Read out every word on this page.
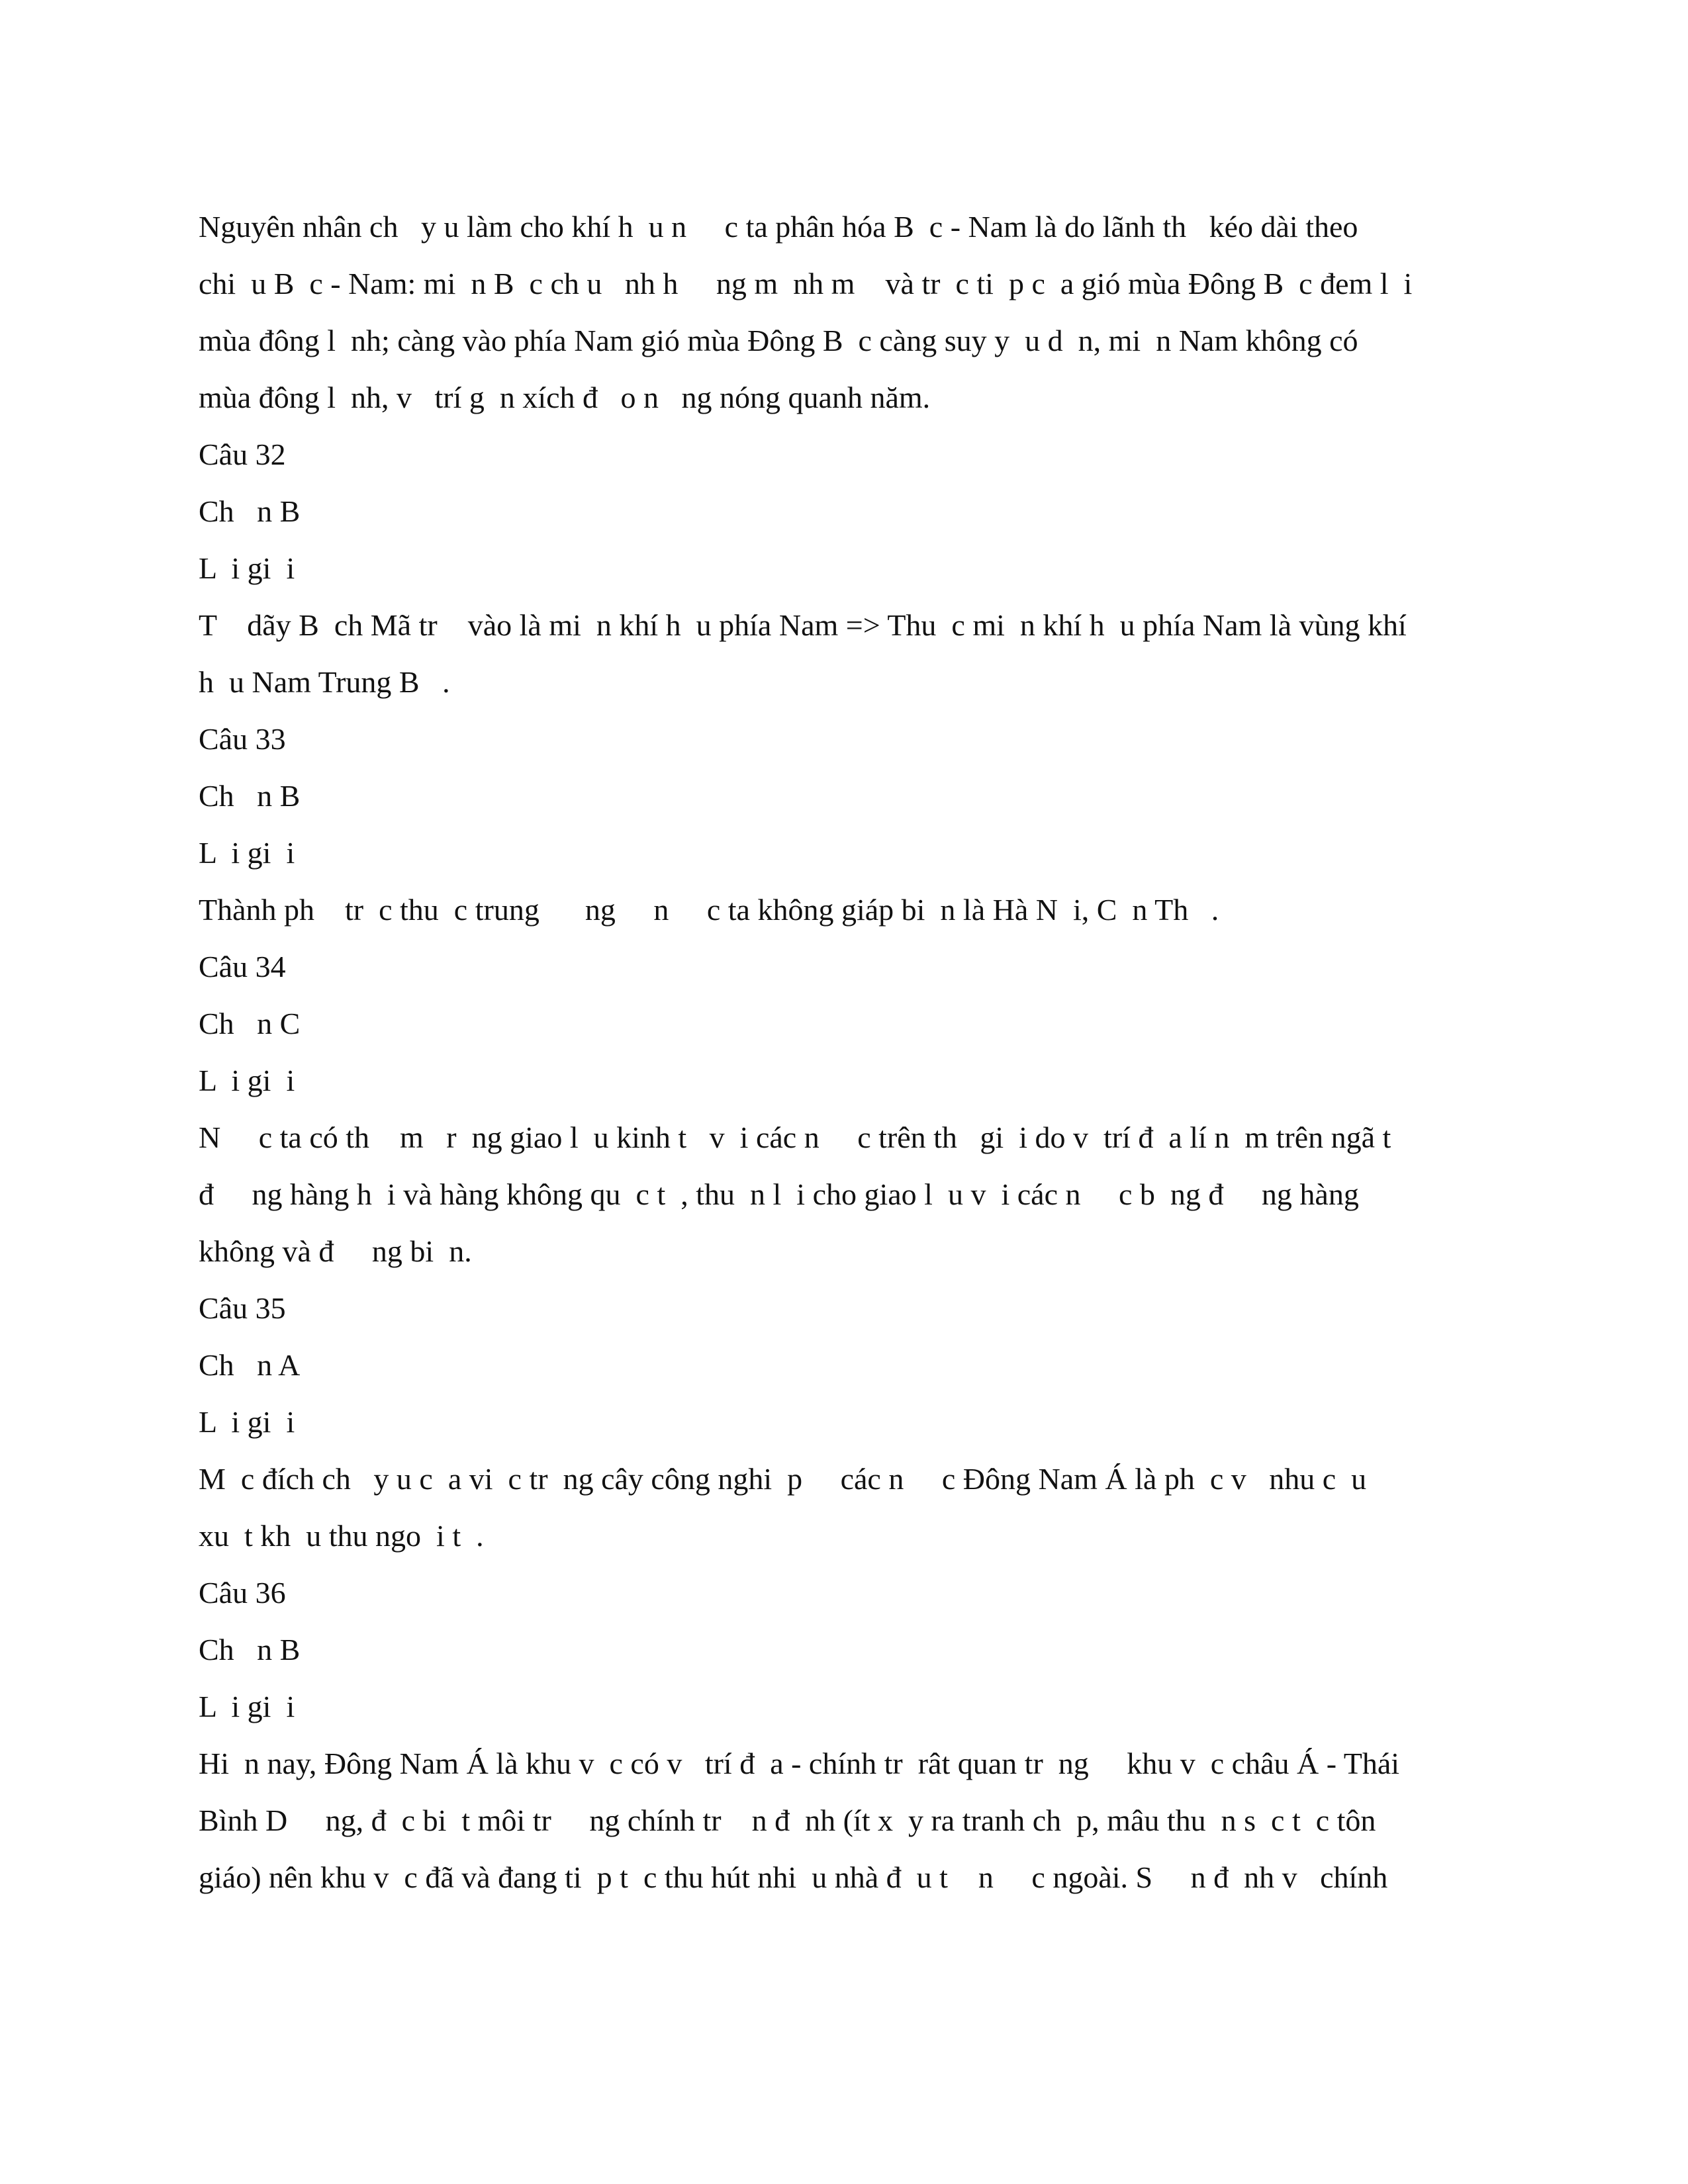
Nguyên nhân ch   y u làm cho khí h  u n     c ta phân hóa B  c - Nam là do lãnh th   kéo dài theo
chi  u B  c - Nam: mi  n B  c ch u   nh h     ng m  nh m    và tr  c ti  p c  a gió mùa Đông B  c đem l  i
mùa đông l  nh; càng vào phía Nam gió mùa Đông B  c càng suy y  u d  n, mi  n Nam không có
mùa đông l  nh, v   trí g  n xích đ   o n   ng nóng quanh năm.
Câu 32
Ch   n B
L  i gi  i
T    dãy B  ch Mã tr    vào là mi  n khí h  u phía Nam => Thu  c mi  n khí h  u phía Nam là vùng khí
h  u Nam Trung B   .
Câu 33
Ch   n B
L  i gi  i
Thành ph    tr  c thu  c trung      ng     n     c ta không giáp bi  n là Hà N  i, C  n Th   .
Câu 34
Ch   n C
L  i gi  i
N     c ta có th    m   r  ng giao l  u kinh t   v  i các n     c trên th   gi  i do v  trí đ  a lí n  m trên ngã t
đ     ng hàng h  i và hàng không qu  c t  , thu  n l  i cho giao l  u v  i các n     c b  ng đ     ng hàng
không và đ     ng bi  n.
Câu 35
Ch   n A
L  i gi  i
M  c đích ch   y u c  a vi  c tr  ng cây công nghi  p     các n     c Đông Nam Á là ph  c v   nhu c  u
xu  t kh  u thu ngo  i t  .
Câu 36
Ch   n B
L  i gi  i
Hi  n nay, Đông Nam Á là khu v  c có v   trí đ  a - chính tr  rât quan tr  ng     khu v  c châu Á - Thái
Bình D     ng, đ  c bi  t môi tr     ng chính tr    n đ  nh (ít x  y ra tranh ch  p, mâu thu  n s  c t  c tôn
giáo) nên khu v  c đã và đang ti  p t  c thu hút nhi  u nhà đ  u t    n     c ngoài. S     n đ  nh v   chính
